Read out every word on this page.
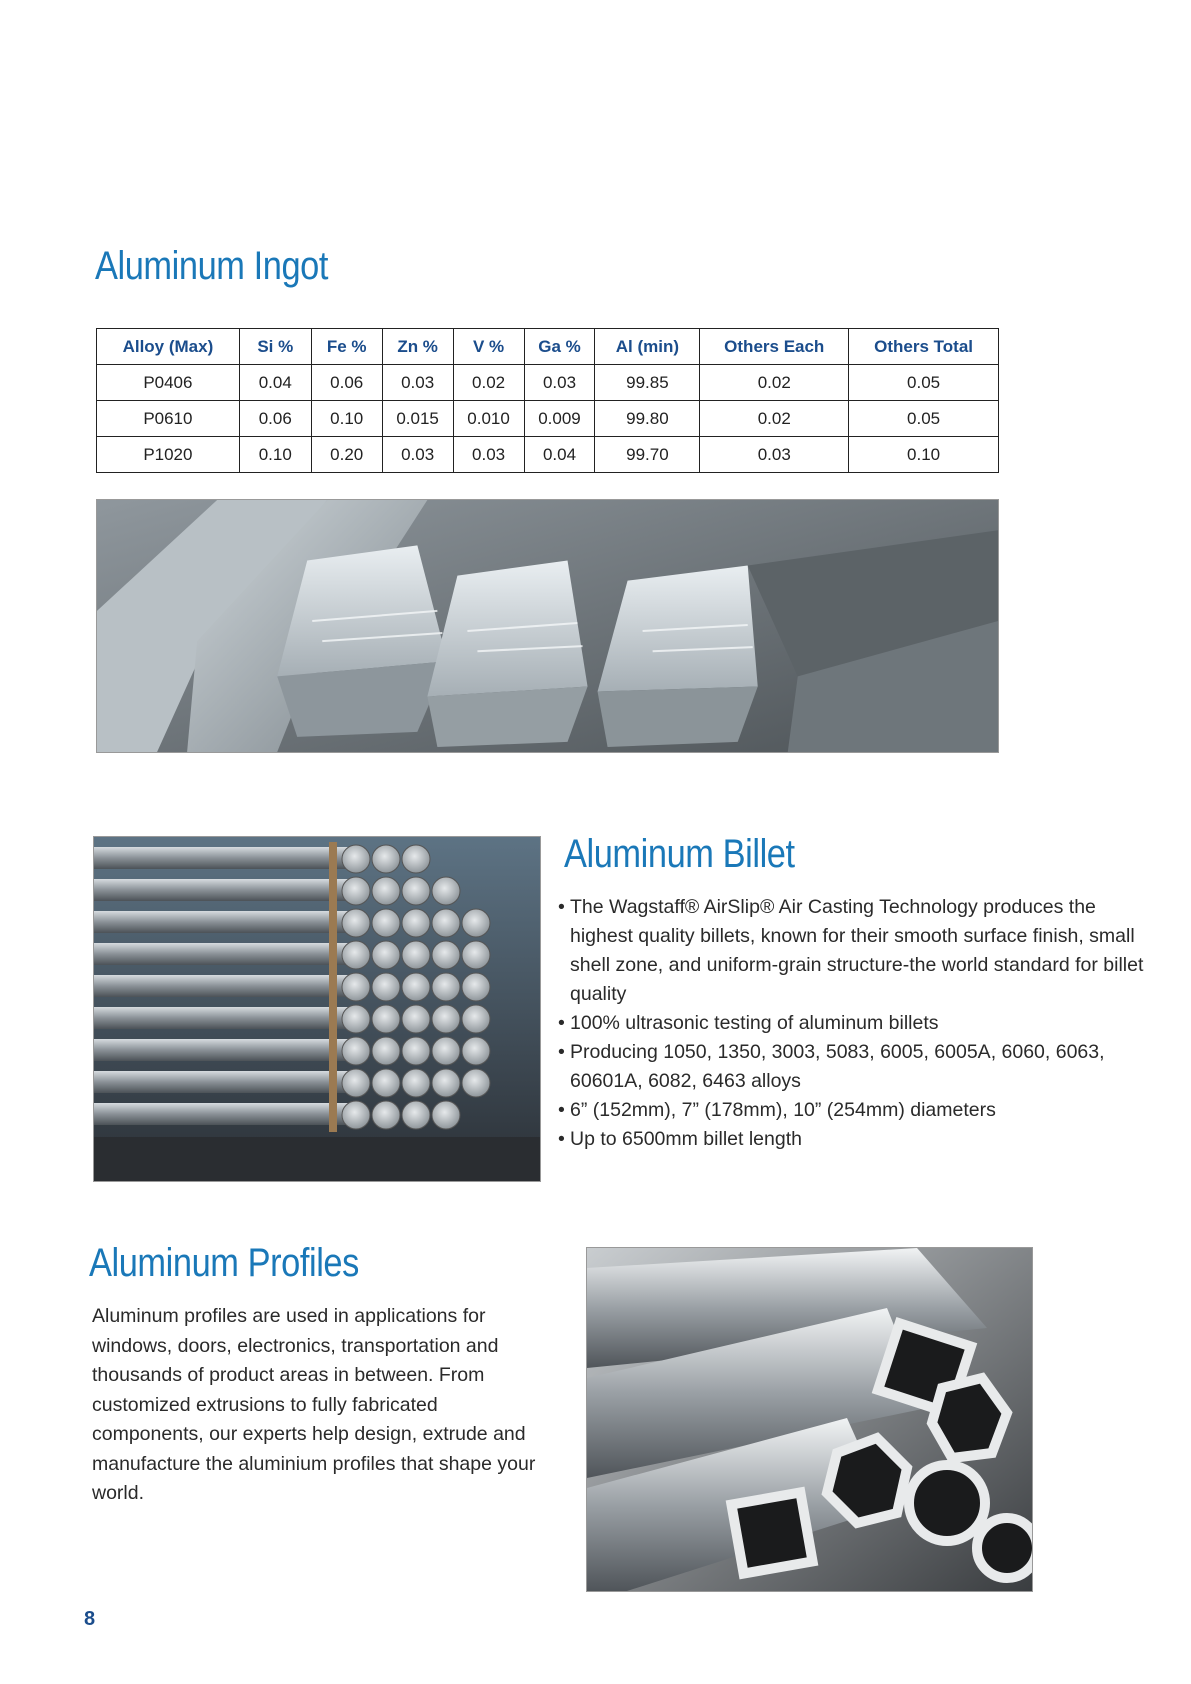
Aluminum Ingot
Alloy (Max)	Si %	Fe %	Zn %	V %	Ga %	Al (min)	Others Each	Others Total
P0406	0.04	0.06	0.03	0.02	0.03	99.85	0.02	0.05
P0610	0.06	0.10	0.015	0.010	0.009	99.80	0.02	0.05
P1020	0.10	0.20	0.03	0.03	0.04	99.70	0.03	0.10
Aluminum Billet
• The Wagstaff® AirSlip® Air Casting Technology produces the highest quality billets, known for their smooth surface finish, small shell zone, and uniform-grain structure-the world standard for billet quality
• 100% ultrasonic testing of aluminum billets
• Producing 1050, 1350, 3003, 5083, 6005, 6005A, 6060, 6063, 60601A, 6082, 6463 alloys
• 6” (152mm), 7” (178mm), 10” (254mm) diameters
• Up to 6500mm billet length
Aluminum Profiles

Aluminum profiles are used in applications for windows, doors, electronics, transportation and thousands of product areas in between. From customized extrusions to fully fabricated components, our experts help design, extrude and manufacture the aluminium profiles that shape your world.

8
